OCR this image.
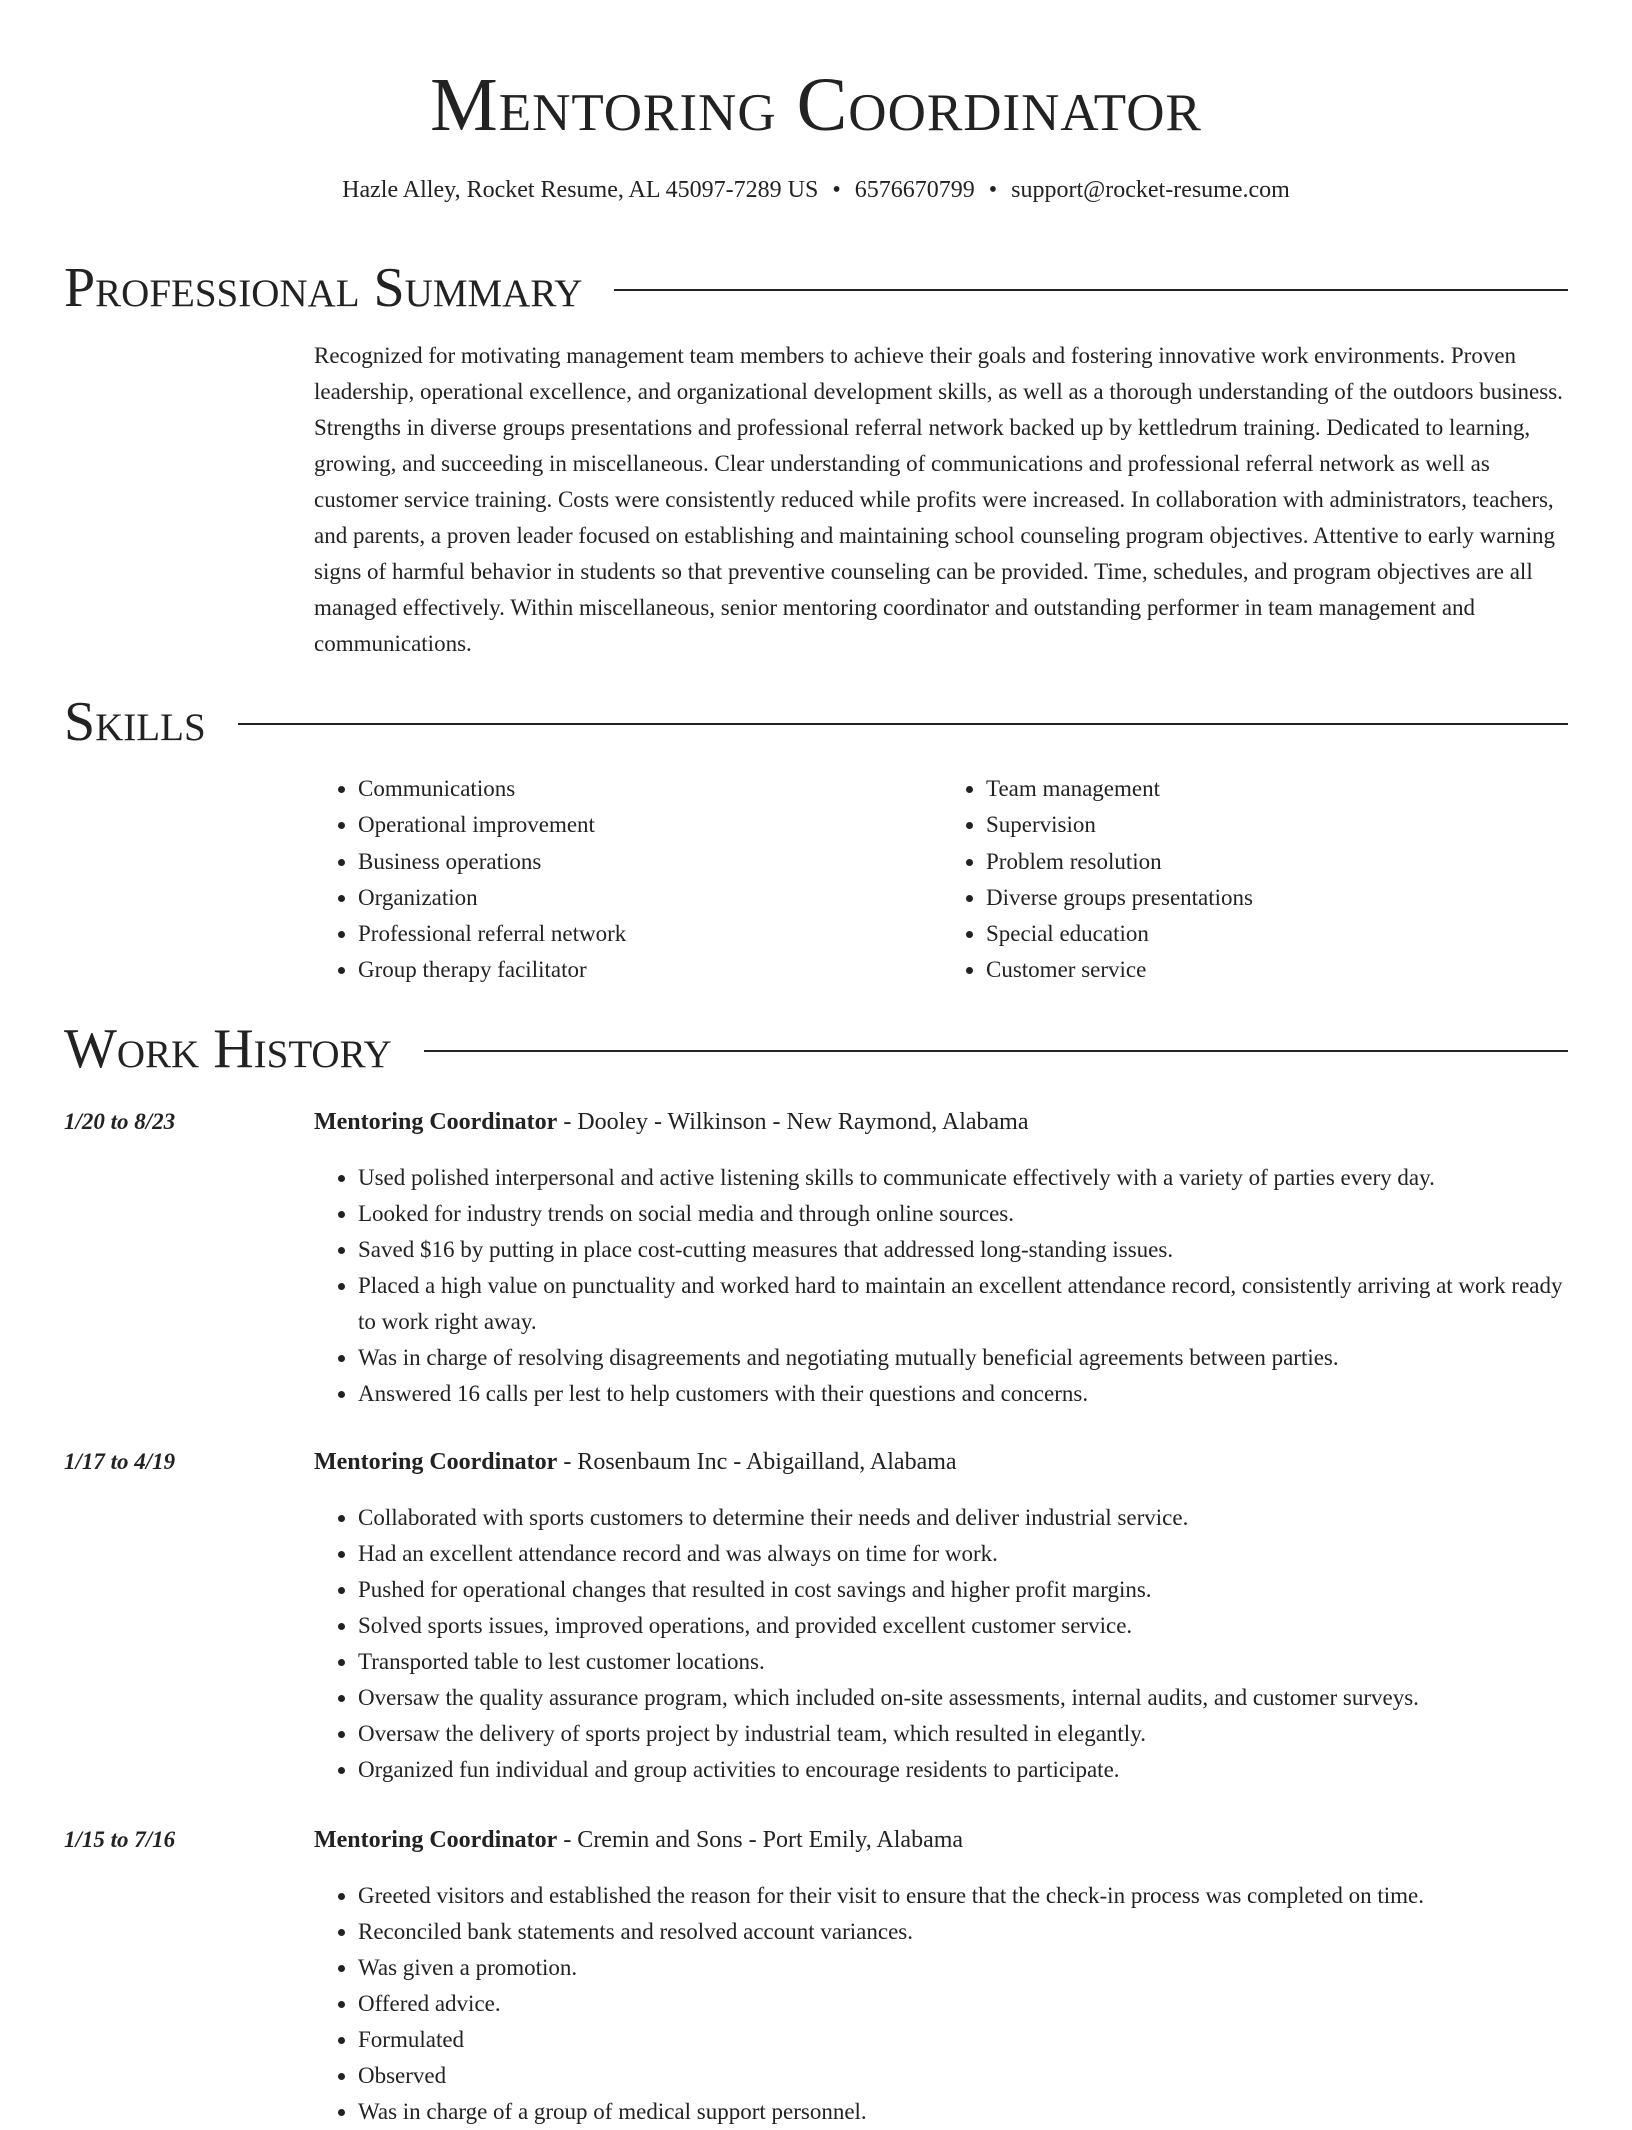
Mentoring Coordinator
Hazle Alley, Rocket Resume, AL 45097-7289 US • 6576670799 • support@rocket-resume.com
Professional Summary
Recognized for motivating management team members to achieve their goals and fostering innovative work environments. Proven leadership, operational excellence, and organizational development skills, as well as a thorough understanding of the outdoors business. Strengths in diverse groups presentations and professional referral network backed up by kettledrum training. Dedicated to learning, growing, and succeeding in miscellaneous. Clear understanding of communications and professional referral network as well as customer service training. Costs were consistently reduced while profits were increased. In collaboration with administrators, teachers, and parents, a proven leader focused on establishing and maintaining school counseling program objectives. Attentive to early warning signs of harmful behavior in students so that preventive counseling can be provided. Time, schedules, and program objectives are all managed effectively. Within miscellaneous, senior mentoring coordinator and outstanding performer in team management and communications.
Skills
• Communications
• Operational improvement
• Business operations
• Organization
• Professional referral network
• Group therapy facilitator
• Team management
• Supervision
• Problem resolution
• Diverse groups presentations
• Special education
• Customer service
Work History
1/20 to 8/23	Mentoring Coordinator - Dooley - Wilkinson - New Raymond, Alabama
• Used polished interpersonal and active listening skills to communicate effectively with a variety of parties every day.
• Looked for industry trends on social media and through online sources.
• Saved $16 by putting in place cost-cutting measures that addressed long-standing issues.
• Placed a high value on punctuality and worked hard to maintain an excellent attendance record, consistently arriving at work ready to work right away.
• Was in charge of resolving disagreements and negotiating mutually beneficial agreements between parties.
• Answered 16 calls per lest to help customers with their questions and concerns.
1/17 to 4/19	Mentoring Coordinator - Rosenbaum Inc - Abigailland, Alabama
• Collaborated with sports customers to determine their needs and deliver industrial service.
• Had an excellent attendance record and was always on time for work.
• Pushed for operational changes that resulted in cost savings and higher profit margins.
• Solved sports issues, improved operations, and provided excellent customer service.
• Transported table to lest customer locations.
• Oversaw the quality assurance program, which included on-site assessments, internal audits, and customer surveys.
• Oversaw the delivery of sports project by industrial team, which resulted in elegantly.
• Organized fun individual and group activities to encourage residents to participate.
1/15 to 7/16	Mentoring Coordinator - Cremin and Sons - Port Emily, Alabama
• Greeted visitors and established the reason for their visit to ensure that the check-in process was completed on time.
• Reconciled bank statements and resolved account variances.
• Was given a promotion.
• Offered advice.
• Formulated
• Observed
• Was in charge of a group of medical support personnel.
